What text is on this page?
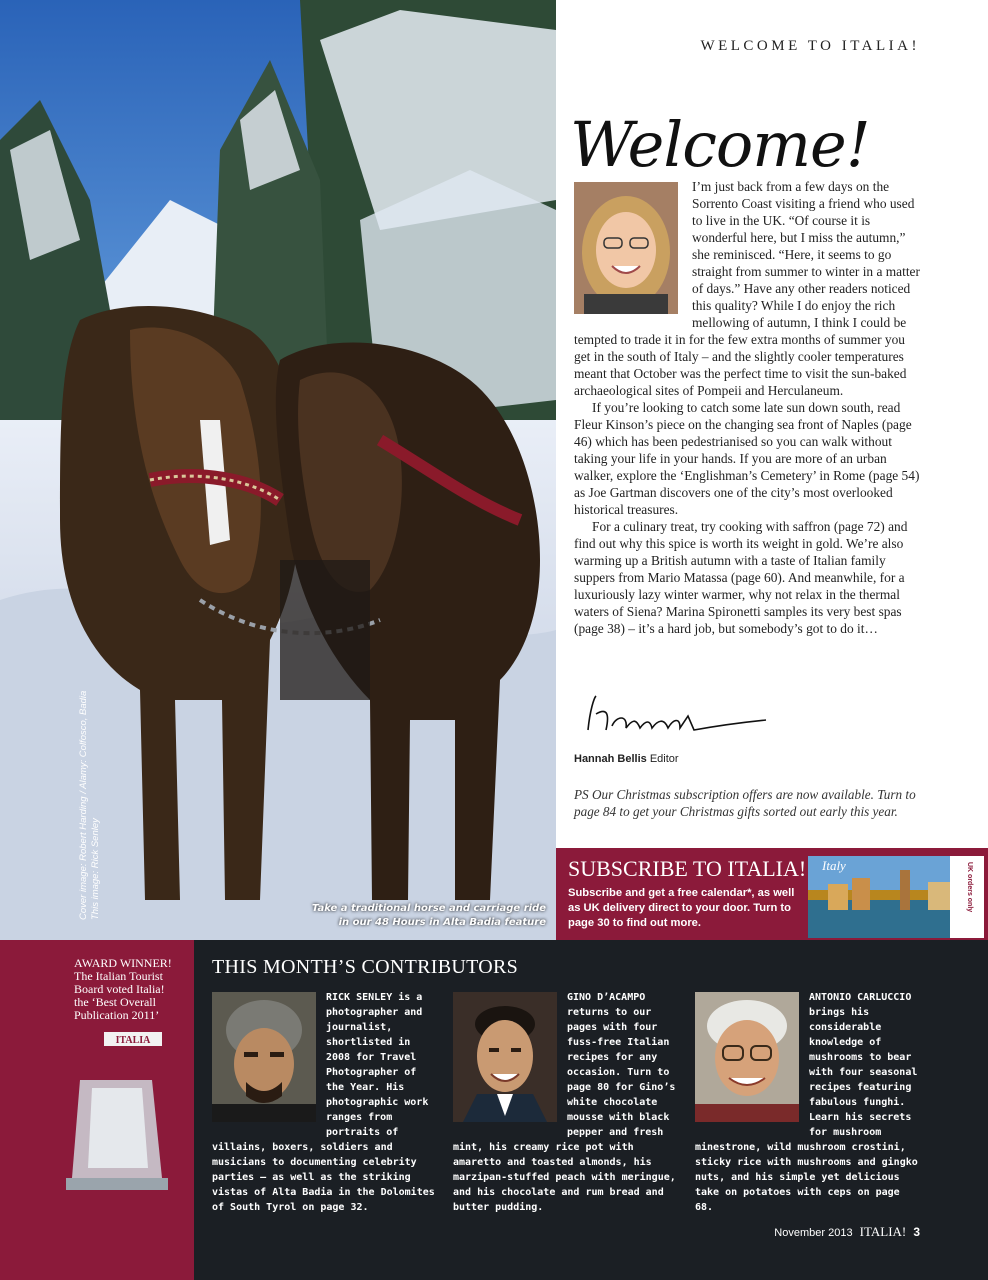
Cover image: Robert Harding / Alamy: Colfosco, Badia This image: Rick Senley	Take a traditional horse and carriage ride in our 48 Hours in Alta Badia feature
WELCOME TO ITALIA!
Welcome!

I’m just back from a few days on the Sorrento Coast visiting a friend who used to live in the UK. “Of course it is wonderful here, but I miss the autumn,” she reminisced. “Here, it seems to go straight from summer to winter in a matter of days.” Have any other readers noticed this quality? While I do enjoy the rich mellowing of autumn, I think I could be tempted to trade it in for the few extra months of summer you get in the south of Italy – and the slightly cooler temperatures meant that October was the perfect time to visit the sun-baked archaeological sites of Pompeii and Herculaneum.

If you’re looking to catch some late sun down south, read Fleur Kinson’s piece on the changing sea front of Naples (page 46) which has been pedestrianised so you can walk without taking your life in your hands. If you are more of an urban walker, explore the ‘Englishman’s Cemetery’ in Rome (page 54) as Joe Gartman discovers one of the city’s most overlooked historical treasures.

For a culinary treat, try cooking with saffron (page 72) and find out why this spice is worth its weight in gold. We’re also warming up a British autumn with a taste of Italian family suppers from Mario Matassa (page 60). And meanwhile, for a luxuriously lazy winter warmer, why not relax in the thermal waters of Siena? Marina Spironetti samples its very best spas (page 38) – it’s a hard job, but somebody’s got to do it…

Hannah Bellis Editor
PS Our Christmas subscription offers are now available. Turn to page 84 to get your Christmas gifts sorted out early this year.
SUBSCRIBE TO ITALIA!
Subscribe and get a free calendar*, as well as UK delivery direct to your door. Turn to page 30 to find out more.
Italy	UK orders only
AWARD WINNER!
The Italian Tourist
Board voted Italia!
the ‘Best Overall
Publication 2011’
ITALIA
THIS MONTH’S CONTRIBUTORS
RICK SENLEY is a photographer and journalist, shortlisted in 2008 for Travel Photographer of the Year. His photographic work ranges from portraits of villains, boxers, soldiers and musicians to documenting celebrity parties – as well as the striking vistas of Alta Badia in the Dolomites of South Tyrol on page 32.
GINO D’ACAMPO returns to our pages with four fuss-free Italian recipes for any occasion. Turn to page 80 for Gino’s white chocolate mousse with black pepper and fresh mint, his creamy rice pot with amaretto and toasted almonds, his marzipan-stuffed peach with meringue, and his chocolate and rum bread and butter pudding.
ANTONIO CARLUCCIO brings his considerable knowledge of mushrooms to bear with four seasonal recipes featuring fabulous funghi. Learn his secrets for mushroom minestrone, wild mushroom crostini, sticky rice with mushrooms and gingko nuts, and his simple yet delicious take on potatoes with ceps on page 68.
November 2013 ITALIA! 3
